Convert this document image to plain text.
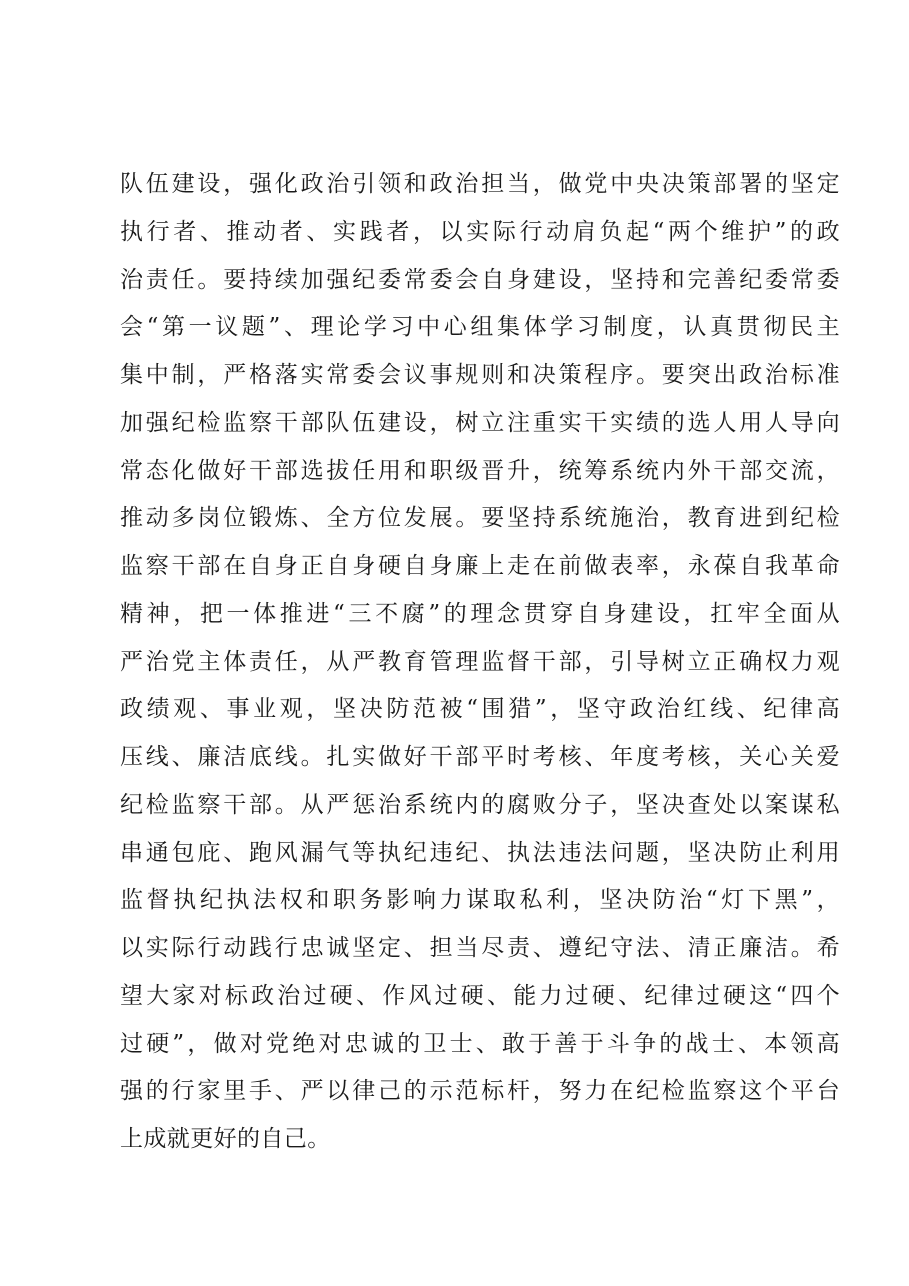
队伍建设，强化政治引领和政治担当，做党中央决策部署的坚定
执行者、推动者、实践者，以实际行动肩负起“两个维护”的政
治责任。要持续加强纪委常委会自身建设，坚持和完善纪委常委
会“第一议题”、理论学习中心组集体学习制度，认真贯彻民主
集中制，严格落实常委会议事规则和决策程序。要突出政治标准
加强纪检监察干部队伍建设，树立注重实干实绩的选人用人导向
常态化做好干部选拔任用和职级晋升，统筹系统内外干部交流，
推动多岗位锻炼、全方位发展。要坚持系统施治，教育进到纪检
监察干部在自身正自身硬自身廉上走在前做表率，永葆自我革命
精神，把一体推进“三不腐”的理念贯穿自身建设，扛牢全面从
严治党主体责任，从严教育管理监督干部，引导树立正确权力观
政绩观、事业观，坚决防范被“围猎”，坚守政治红线、纪律高
压线、廉洁底线。扎实做好干部平时考核、年度考核，关心关爱
纪检监察干部。从严惩治系统内的腐败分子，坚决查处以案谋私
串通包庇、跑风漏气等执纪违纪、执法违法问题，坚决防止利用
监督执纪执法权和职务影响力谋取私利，坚决防治“灯下黑”，
以实际行动践行忠诚坚定、担当尽责、遵纪守法、清正廉洁。希
望大家对标政治过硬、作风过硬、能力过硬、纪律过硬这“四个
过硬”，做对党绝对忠诚的卫士、敢于善于斗争的战士、本领高
强的行家里手、严以律己的示范标杆，努力在纪检监察这个平台
上成就更好的自己。
